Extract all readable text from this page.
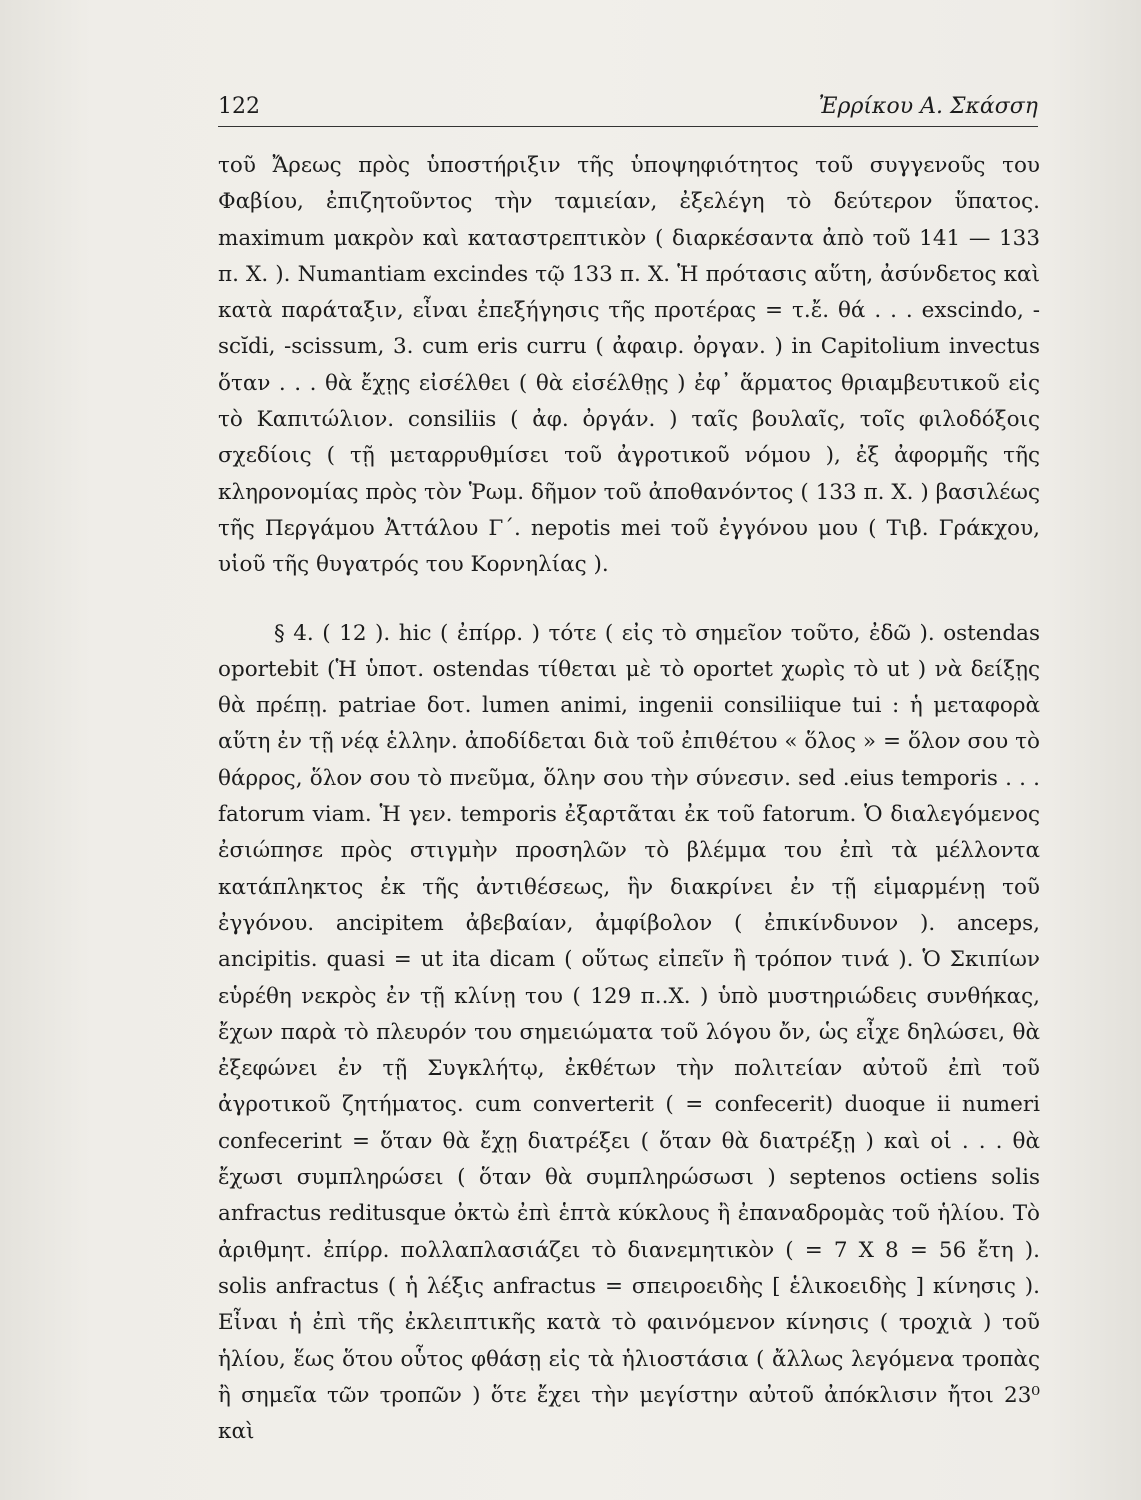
122	Ἐρρίκου Α. Σκάσση

τοῦ Ἄρεως πρὸς ὑποστήριξιν τῆς ὑποψηφιότητος τοῦ συγγενοῦς του Φαβίου, ἐπιζητοῦντος τὴν ταμιείαν, ἐξελέγη τὸ δεύτερον ὕπατος. maximum μακρὸν καὶ καταστρεπτικὸν ( διαρκέσαντα ἀπὸ τοῦ 141 — 133 π. Χ. ). Numantiam excindes τῷ 133 π. Χ. Ἡ πρότασις αὕτη, ἀσύνδετος καὶ κατὰ παράταξιν, εἶναι ἐπεξήγησις τῆς προτέρας = τ.ἔ. θά . . . exscindo, -scĭdi, -scissum, 3. cum eris curru ( ἀφαιρ. ὀργαν. ) in Capitolium invectus ὅταν . . . θὰ ἔχῃς εἰσέλθει ( θὰ εἰσέλθῃς ) ἐφ᾽ ἅρματος θριαμβευτικοῦ εἰς τὸ Καπιτώλιον. consiliis ( ἀφ. ὀργάν. ) ταῖς βουλαῖς, τοῖς φιλοδόξοις σχεδίοις ( τῇ μεταρρυθμίσει τοῦ ἀγροτικοῦ νόμου ), ἐξ ἀφορμῆς τῆς κληρονομίας πρὸς τὸν Ῥωμ. δῆμον τοῦ ἀποθανόντος ( 133 π. Χ. ) βασιλέως τῆς Περγάμου Ἀττάλου Γ΄. nepotis mei τοῦ ἐγγόνου μου ( Τιβ. Γράκχου, υἱοῦ τῆς θυγατρός του Κορνηλίας ).

§ 4. ( 12 ). hic ( ἐπίρρ. ) τότε ( εἰς τὸ σημεῖον τοῦτο, ἐδῶ ). ostendas oportebit (Ἡ ὑποτ. ostendas τίθεται μὲ τὸ oportet χωρὶς τὸ ut ) νὰ δείξῃς θὰ πρέπῃ. patriae δοτ. lumen animi, ingenii consiliique tui : ἡ μεταφορὰ αὕτη ἐν τῇ νέᾳ ἑλλην. ἀποδίδεται διὰ τοῦ ἐπιθέτου « ὅλος » = ὅλον σου τὸ θάρρος, ὅλον σου τὸ πνεῦμα, ὅλην σου τὴν σύνεσιν. sed .eius temporis . . . fatorum viam. Ἡ γεν. temporis ἐξαρτᾶται ἐκ τοῦ fatorum. Ὁ διαλεγόμενος ἐσιώπησε πρὸς στιγμὴν προσηλῶν τὸ βλέμμα του ἐπὶ τὰ μέλλοντα κατάπληκτος ἐκ τῆς ἀντιθέσεως, ἣν διακρίνει ἐν τῇ εἱμαρμένῃ τοῦ ἐγγόνου. ancipitem ἀβεβαίαν, ἀμφίβολον ( ἐπικίνδυνον ). anceps, ancipitis. quasi = ut ita dicam ( οὕτως εἰπεῖν ἢ τρόπον τινά ). Ὁ Σκιπίων εὑρέθη νεκρὸς ἐν τῇ κλίνῃ του ( 129 π..Χ. ) ὑπὸ μυστηριώδεις συνθήκας, ἔχων παρὰ τὸ πλευρόν του σημειώματα τοῦ λόγου ὄν, ὡς εἶχε δηλώσει, θὰ ἐξεφώνει ἐν τῇ Συγκλήτῳ, ἐκθέτων τὴν πολιτείαν αὐτοῦ ἐπὶ τοῦ ἀγροτικοῦ ζητήματος. cum converterit ( = confecerit) duoque ii numeri confecerint = ὅταν θὰ ἔχῃ διατρέξει ( ὅταν θὰ διατρέξῃ ) καὶ οἱ . . . θὰ ἔχωσι συμπληρώσει ( ὅταν θὰ συμπληρώσωσι ) septenos octiens solis anfractus reditusque ὀκτὼ ἐπὶ ἑπτὰ κύκλους ἢ ἐπαναδρομὰς τοῦ ἡλίου. Τὸ ἀριθμητ. ἐπίρρ. πολλαπλασιάζει τὸ διανεμητικὸν ( = 7 X 8 = 56 ἔτη ). solis anfractus ( ἡ λέξις anfractus = σπειροειδὴς [ ἑλικοειδὴς ] κίνησις ). Εἶναι ἡ ἐπὶ τῆς ἐκλειπτικῆς κατὰ τὸ φαινόμενον κίνησις ( τροχιὰ ) τοῦ ἡλίου, ἕως ὅτου οὗτος φθάσῃ εἰς τὰ ἡλιοστάσια ( ἄλλως λεγόμενα τροπὰς ἢ σημεῖα τῶν τροπῶν ) ὅτε ἔχει τὴν μεγίστην αὐτοῦ ἀπόκλισιν ἤτοι 23⁰ καὶ
